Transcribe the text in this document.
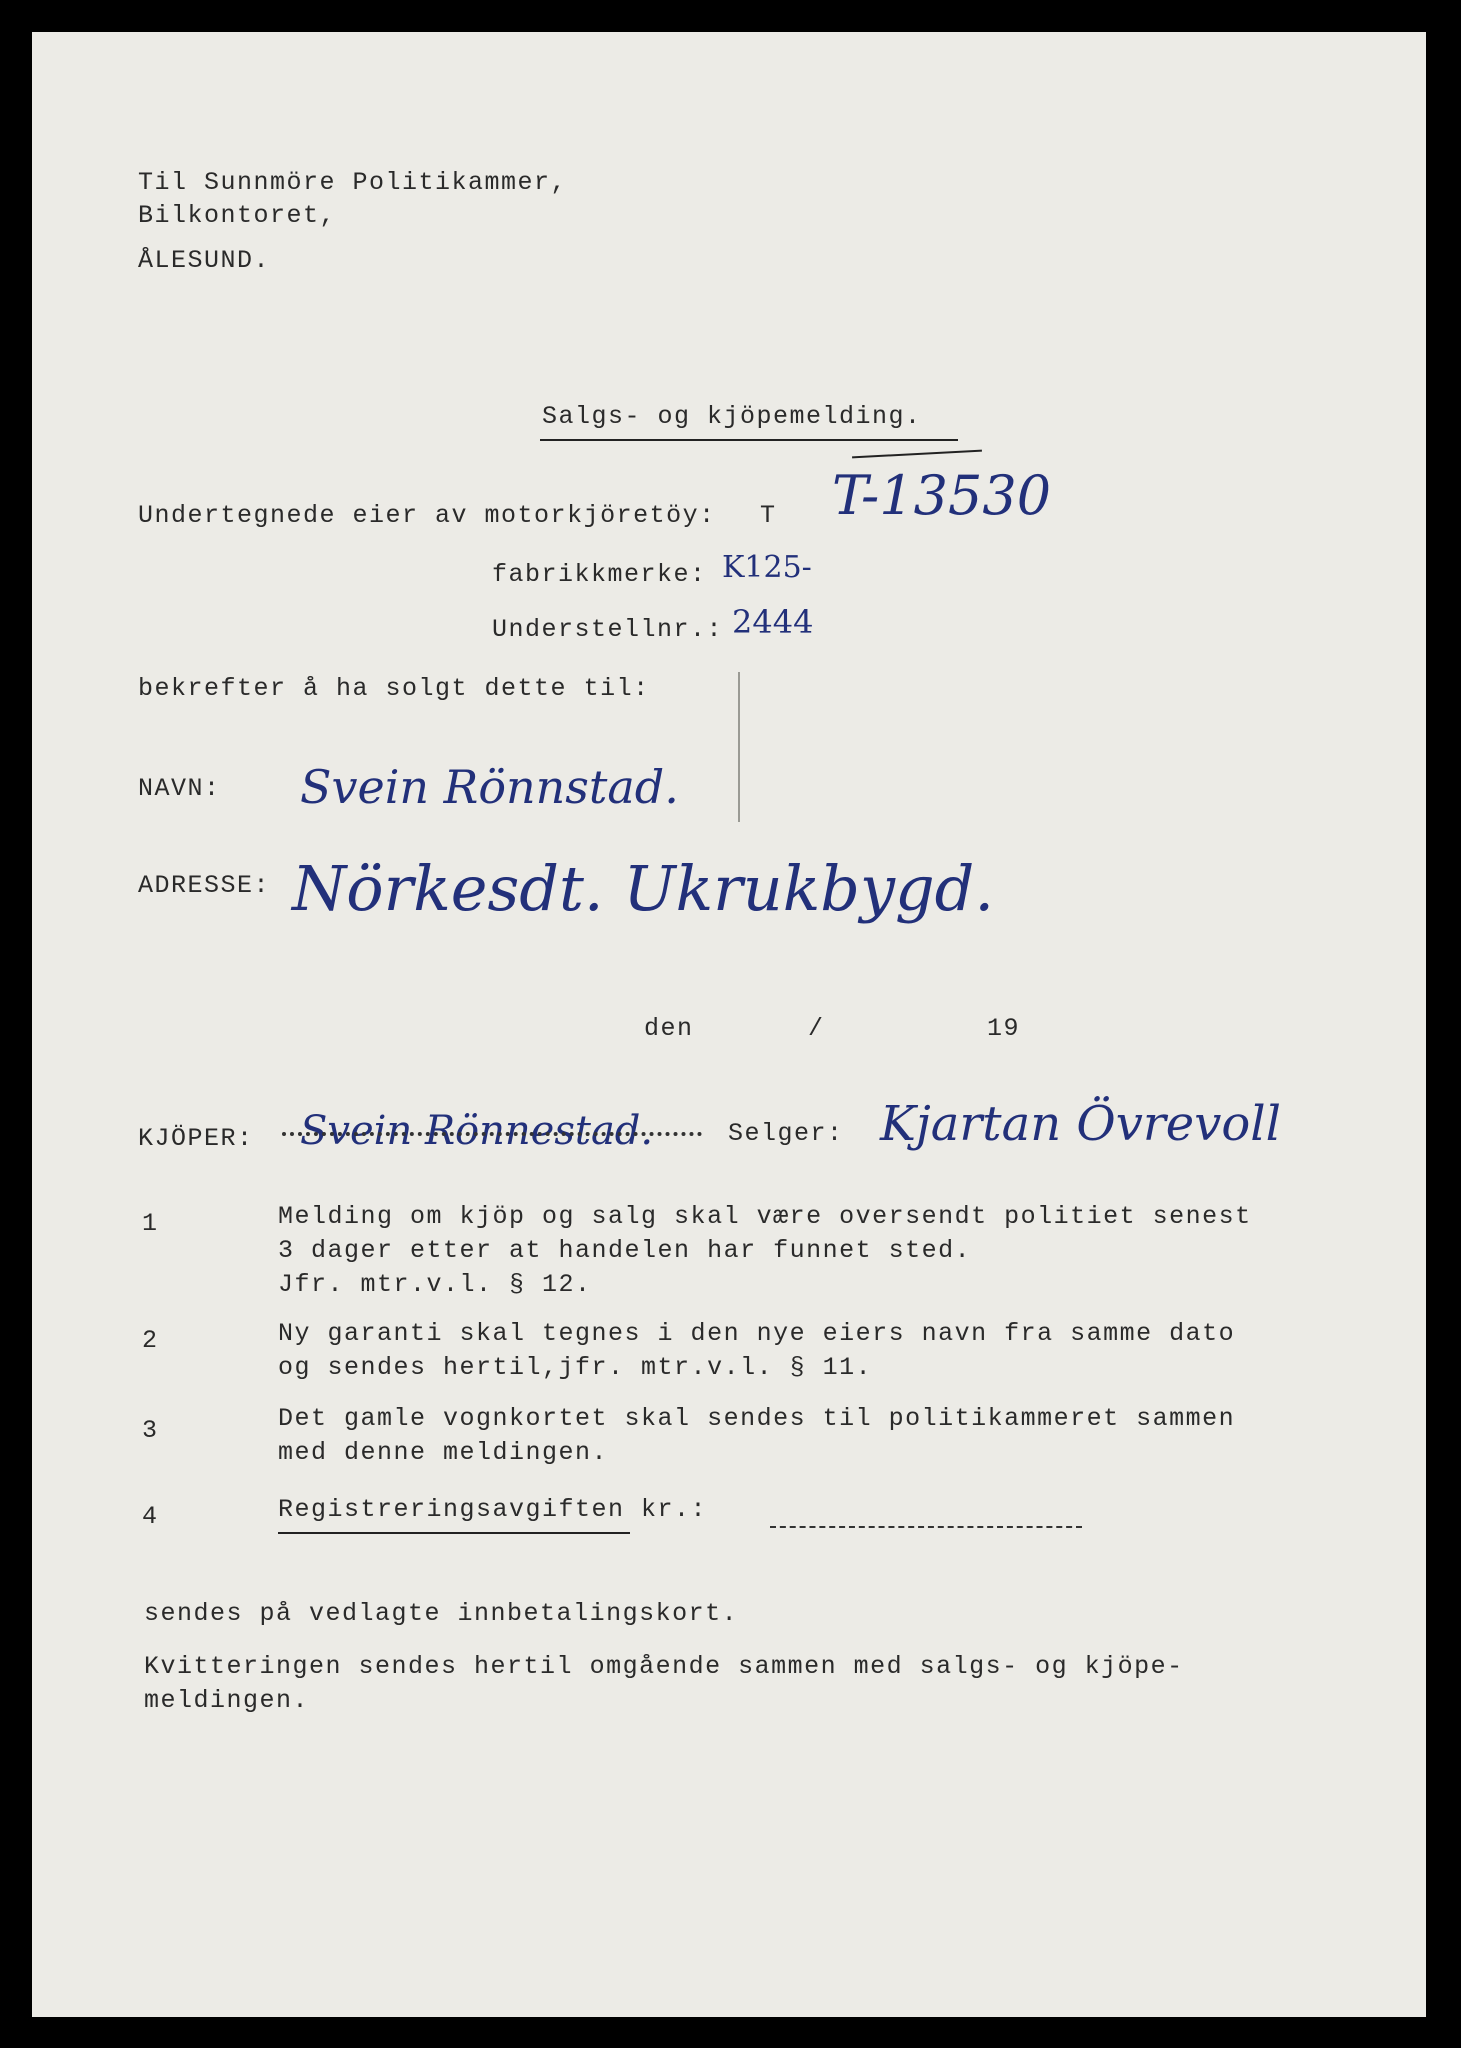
Til Sunnmöre Politikammer,
Bilkontoret,
ÅLESUND.
Salgs- og kjöpemelding.
Undertegnede eier av motorkjöretöy: T T-13530
fabrikkmerke: K125-
Understellnr.: 2444
bekrefter å ha solgt dette til:
NAVN: Svein Rönnstad.
ADRESSE: Nörkesdt. Ukrukbygd.
den	/	19
KJÖPER: Svein Rönnestad.	Selger: Kjartan Övrevoll
1	Melding om kjöp og salg skal være oversendt politiet senest
3 dager etter at handelen har funnet sted.
Jfr. mtr.v.l. § 12.
2	Ny garanti skal tegnes i den nye eiers navn fra samme dato
og sendes hertil,jfr. mtr.v.l. § 11.
3	Det gamle vognkortet skal sendes til politikammeret sammen
med denne meldingen.
4	Registreringsavgiften kr.:
sendes på vedlagte innbetalingskort.
Kvitteringen sendes hertil omgående sammen med salgs- og kjöpe-
meldingen.
